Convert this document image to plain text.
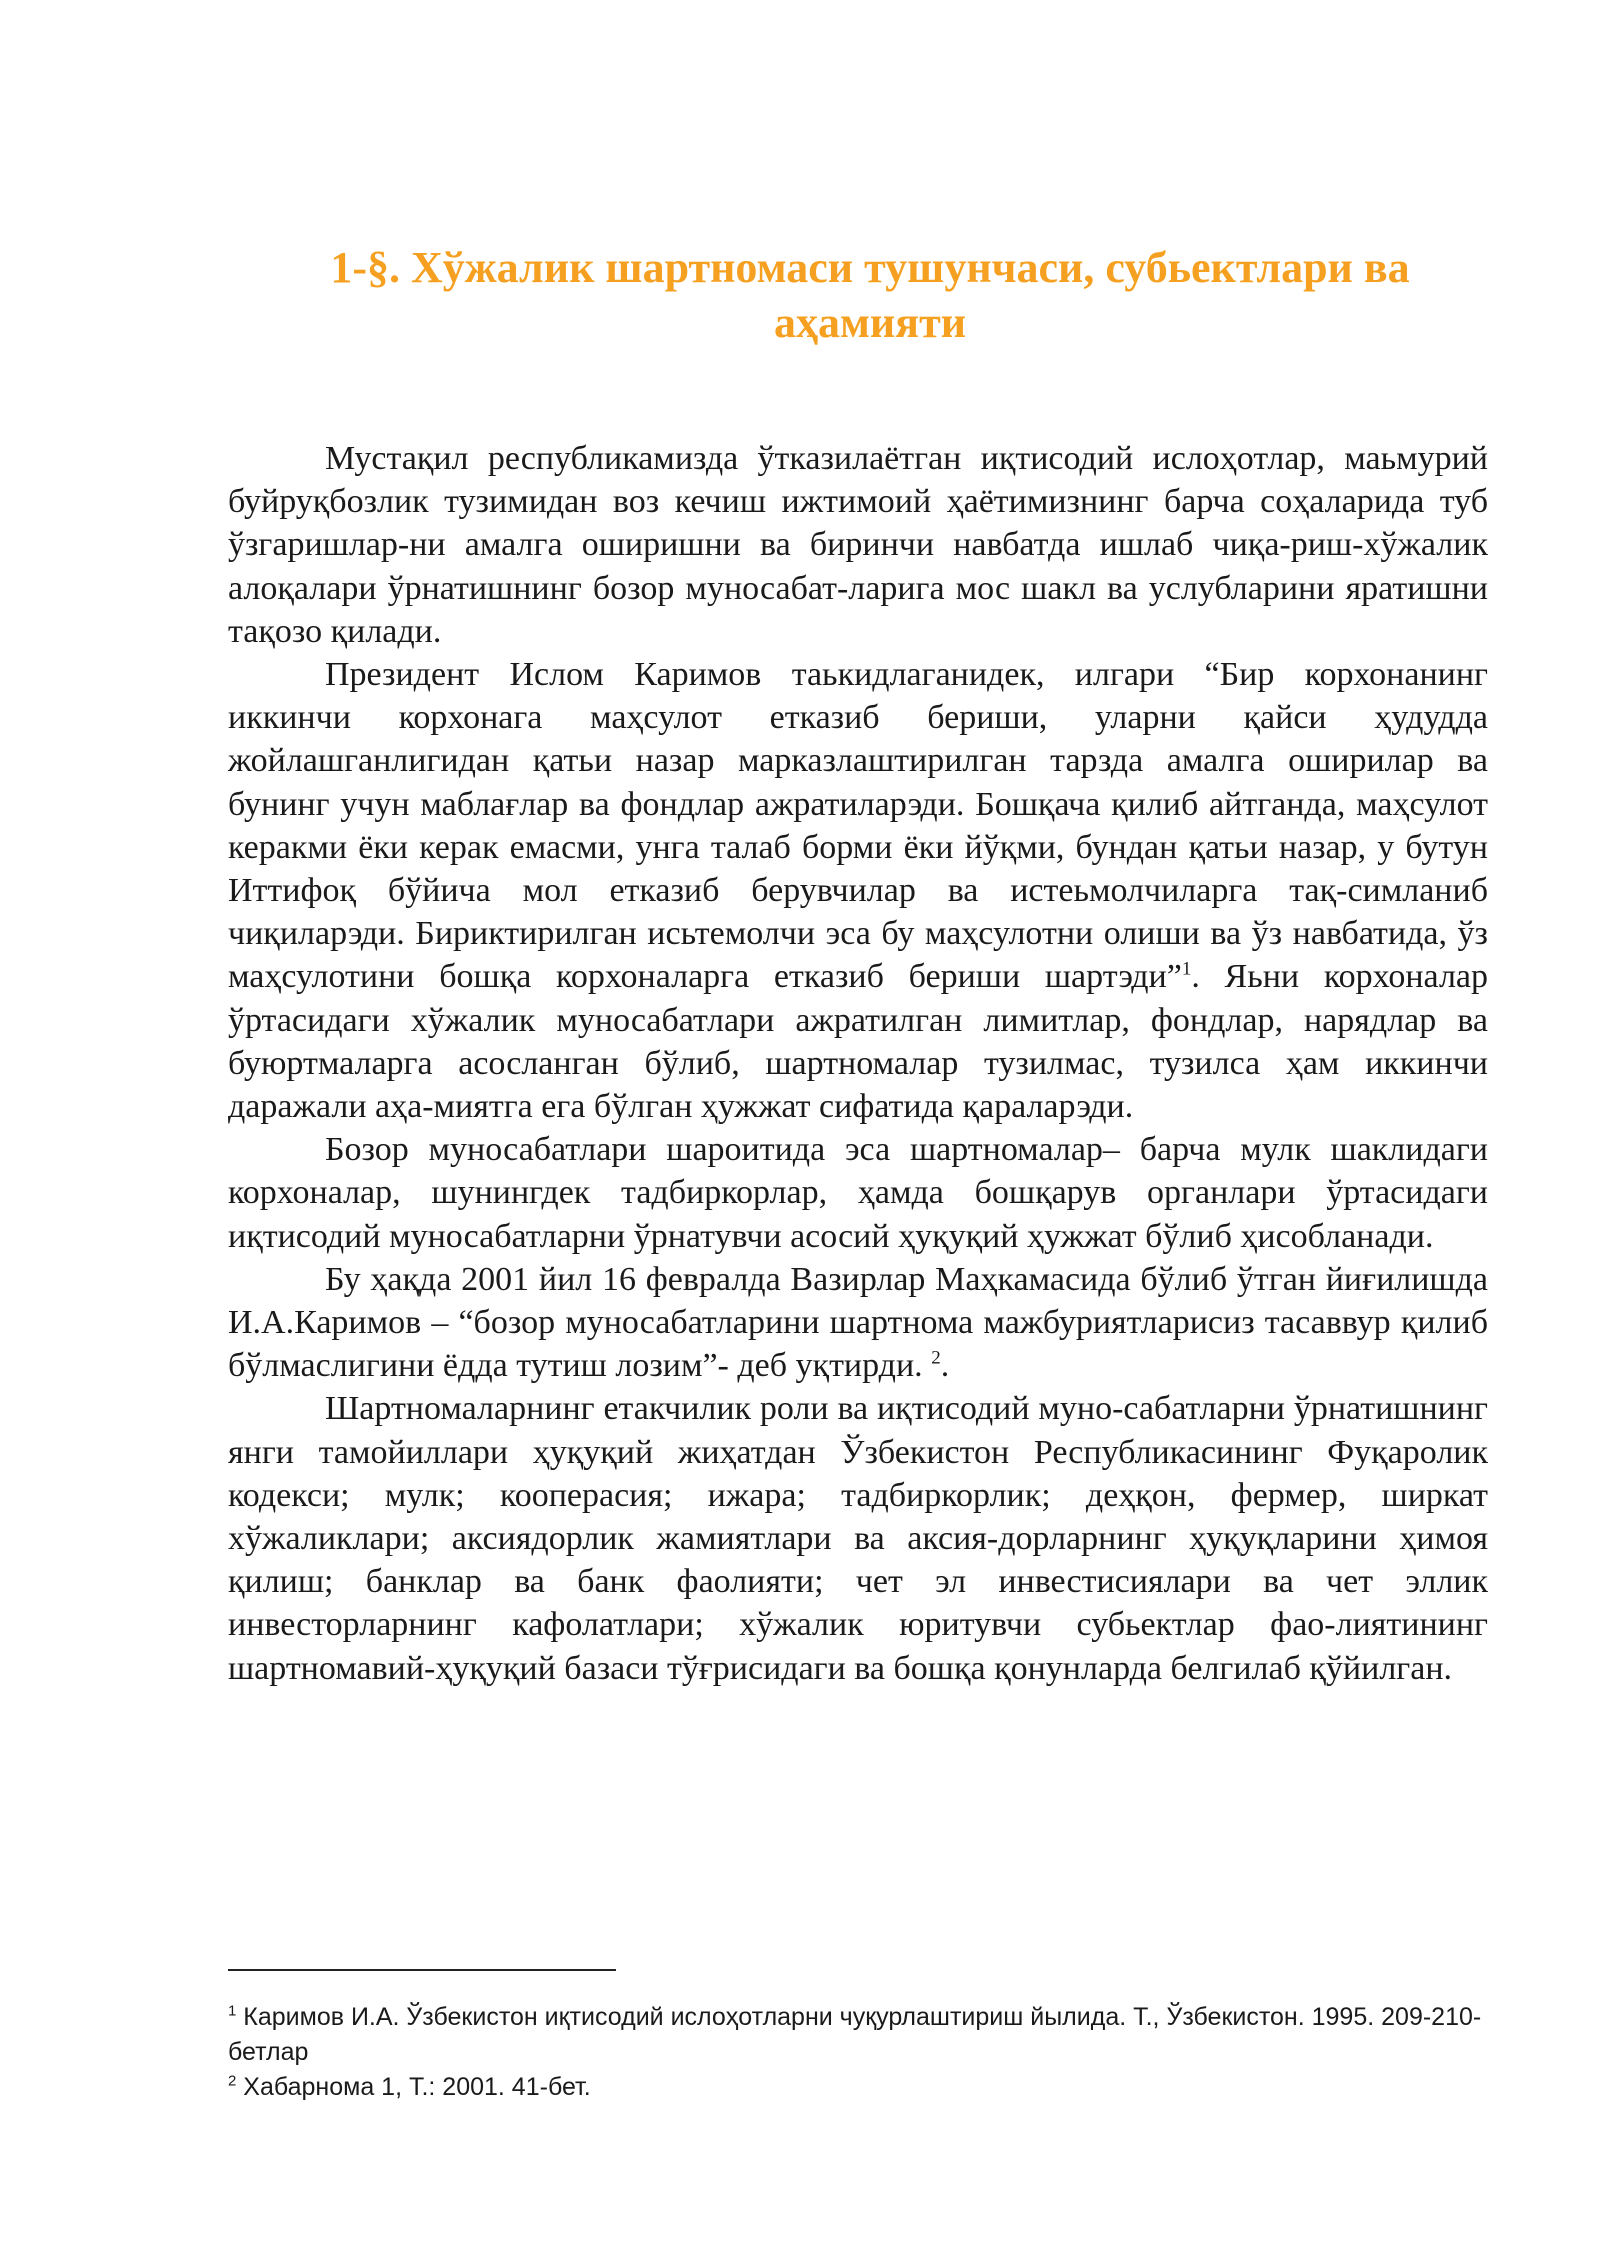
1-§. Хўжалик шартномаси тушунчаси, субьектлари ва
аҳамияти

Мустақил республикамизда ўтказилаётган иқтисодий ислоҳотлар, маьмурий буйруқбозлик тузимидан воз кечиш ижтимоий ҳаётимизнинг барча соҳаларида туб ўзгаришлар-ни амалга оширишни ва биринчи навбатда ишлаб чиқа-риш-хўжалик алоқалари ўрнатишнинг бозор муносабат-ларига мос шакл ва услубларини яратишни тақозо қилади.

Президент Ислом Каримов таькидлаганидек, илгари “Бир корхонанинг иккинчи корхонага маҳсулот етказиб бериши, уларни қайси ҳудудда жойлашганлигидан қатьи назар марказлаштирилган тарзда амалга оширилар ва бунинг учун маблағлар ва фондлар ажратиларэди. Бошқача қилиб айтганда, маҳсулот керакми ёки керак емасми, унга талаб борми ёки йўқми, бундан қатьи назар, у бутун Иттифоқ бўйича мол етказиб берувчилар ва истеьмолчиларга тақ-симланиб чиқиларэди. Бириктирилган исьтемолчи эса бу маҳсулотни олиши ва ўз навбатида, ўз маҳсулотини бошқа корхоналарга етказиб бериши шартэди”$^1$. Яьни корхоналар ўртасидаги хўжалик муносабатлари ажратилган лимитлар, фондлар, нарядлар ва буюртмаларга асосланган бўлиб, шартномалар тузилмас, тузилса ҳам иккинчи даражали аҳа-миятга ега бўлган ҳужжат сифатида қараларэди.

Бозор муносабатлари шароитида эса шартномалар– барча мулк шаклидаги корхоналар, шунингдек тадбиркорлар, ҳамда бошқарув органлари ўртасидаги иқтисодий муносабатларни ўрнатувчи асосий ҳуқуқий ҳужжат бўлиб ҳисобланади.

Бу ҳақда 2001 йил 16 февралда Вазирлар Маҳкамасида бўлиб ўтган йиғилишда И.А.Каримов – “бозор муносабатларини шартнома мажбуриятларисиз тасаввур қилиб бўлмаслигини ёдда тутиш лозим”- деб уқтирди. $^2$.

Шартномаларнинг етакчилик роли ва иқтисодий муно-сабатларни ўрнатишнинг янги тамойиллари ҳуқуқий жиҳатдан Ўзбекистон Республикасининг Фуқаролик кодекси; мулк; кооперасия; ижара; тадбиркорлик; деҳқон, фермер, ширкат хўжаликлари; аксиядорлик жамиятлари ва аксия-дорларнинг ҳуқуқларини ҳимоя қилиш; банклар ва банк фаолияти; чет эл инвестисиялари ва чет эллик инвесторларнинг кафолатлари; хўжалик юритувчи субьектлар фао-лиятининг шартномавий-ҳуқуқий базаси тўғрисидаги ва бошқа қонунларда белгилаб қўйилган.

$^1$ Каримов И.А. Ўзбекистон иқтисодий ислоҳотларни чуқурлаштириш йылида. Т., Ўзбекистон. 1995. 209-210-бетлар

$^2$ Хабарнома 1, Т.: 2001. 41-бет.
